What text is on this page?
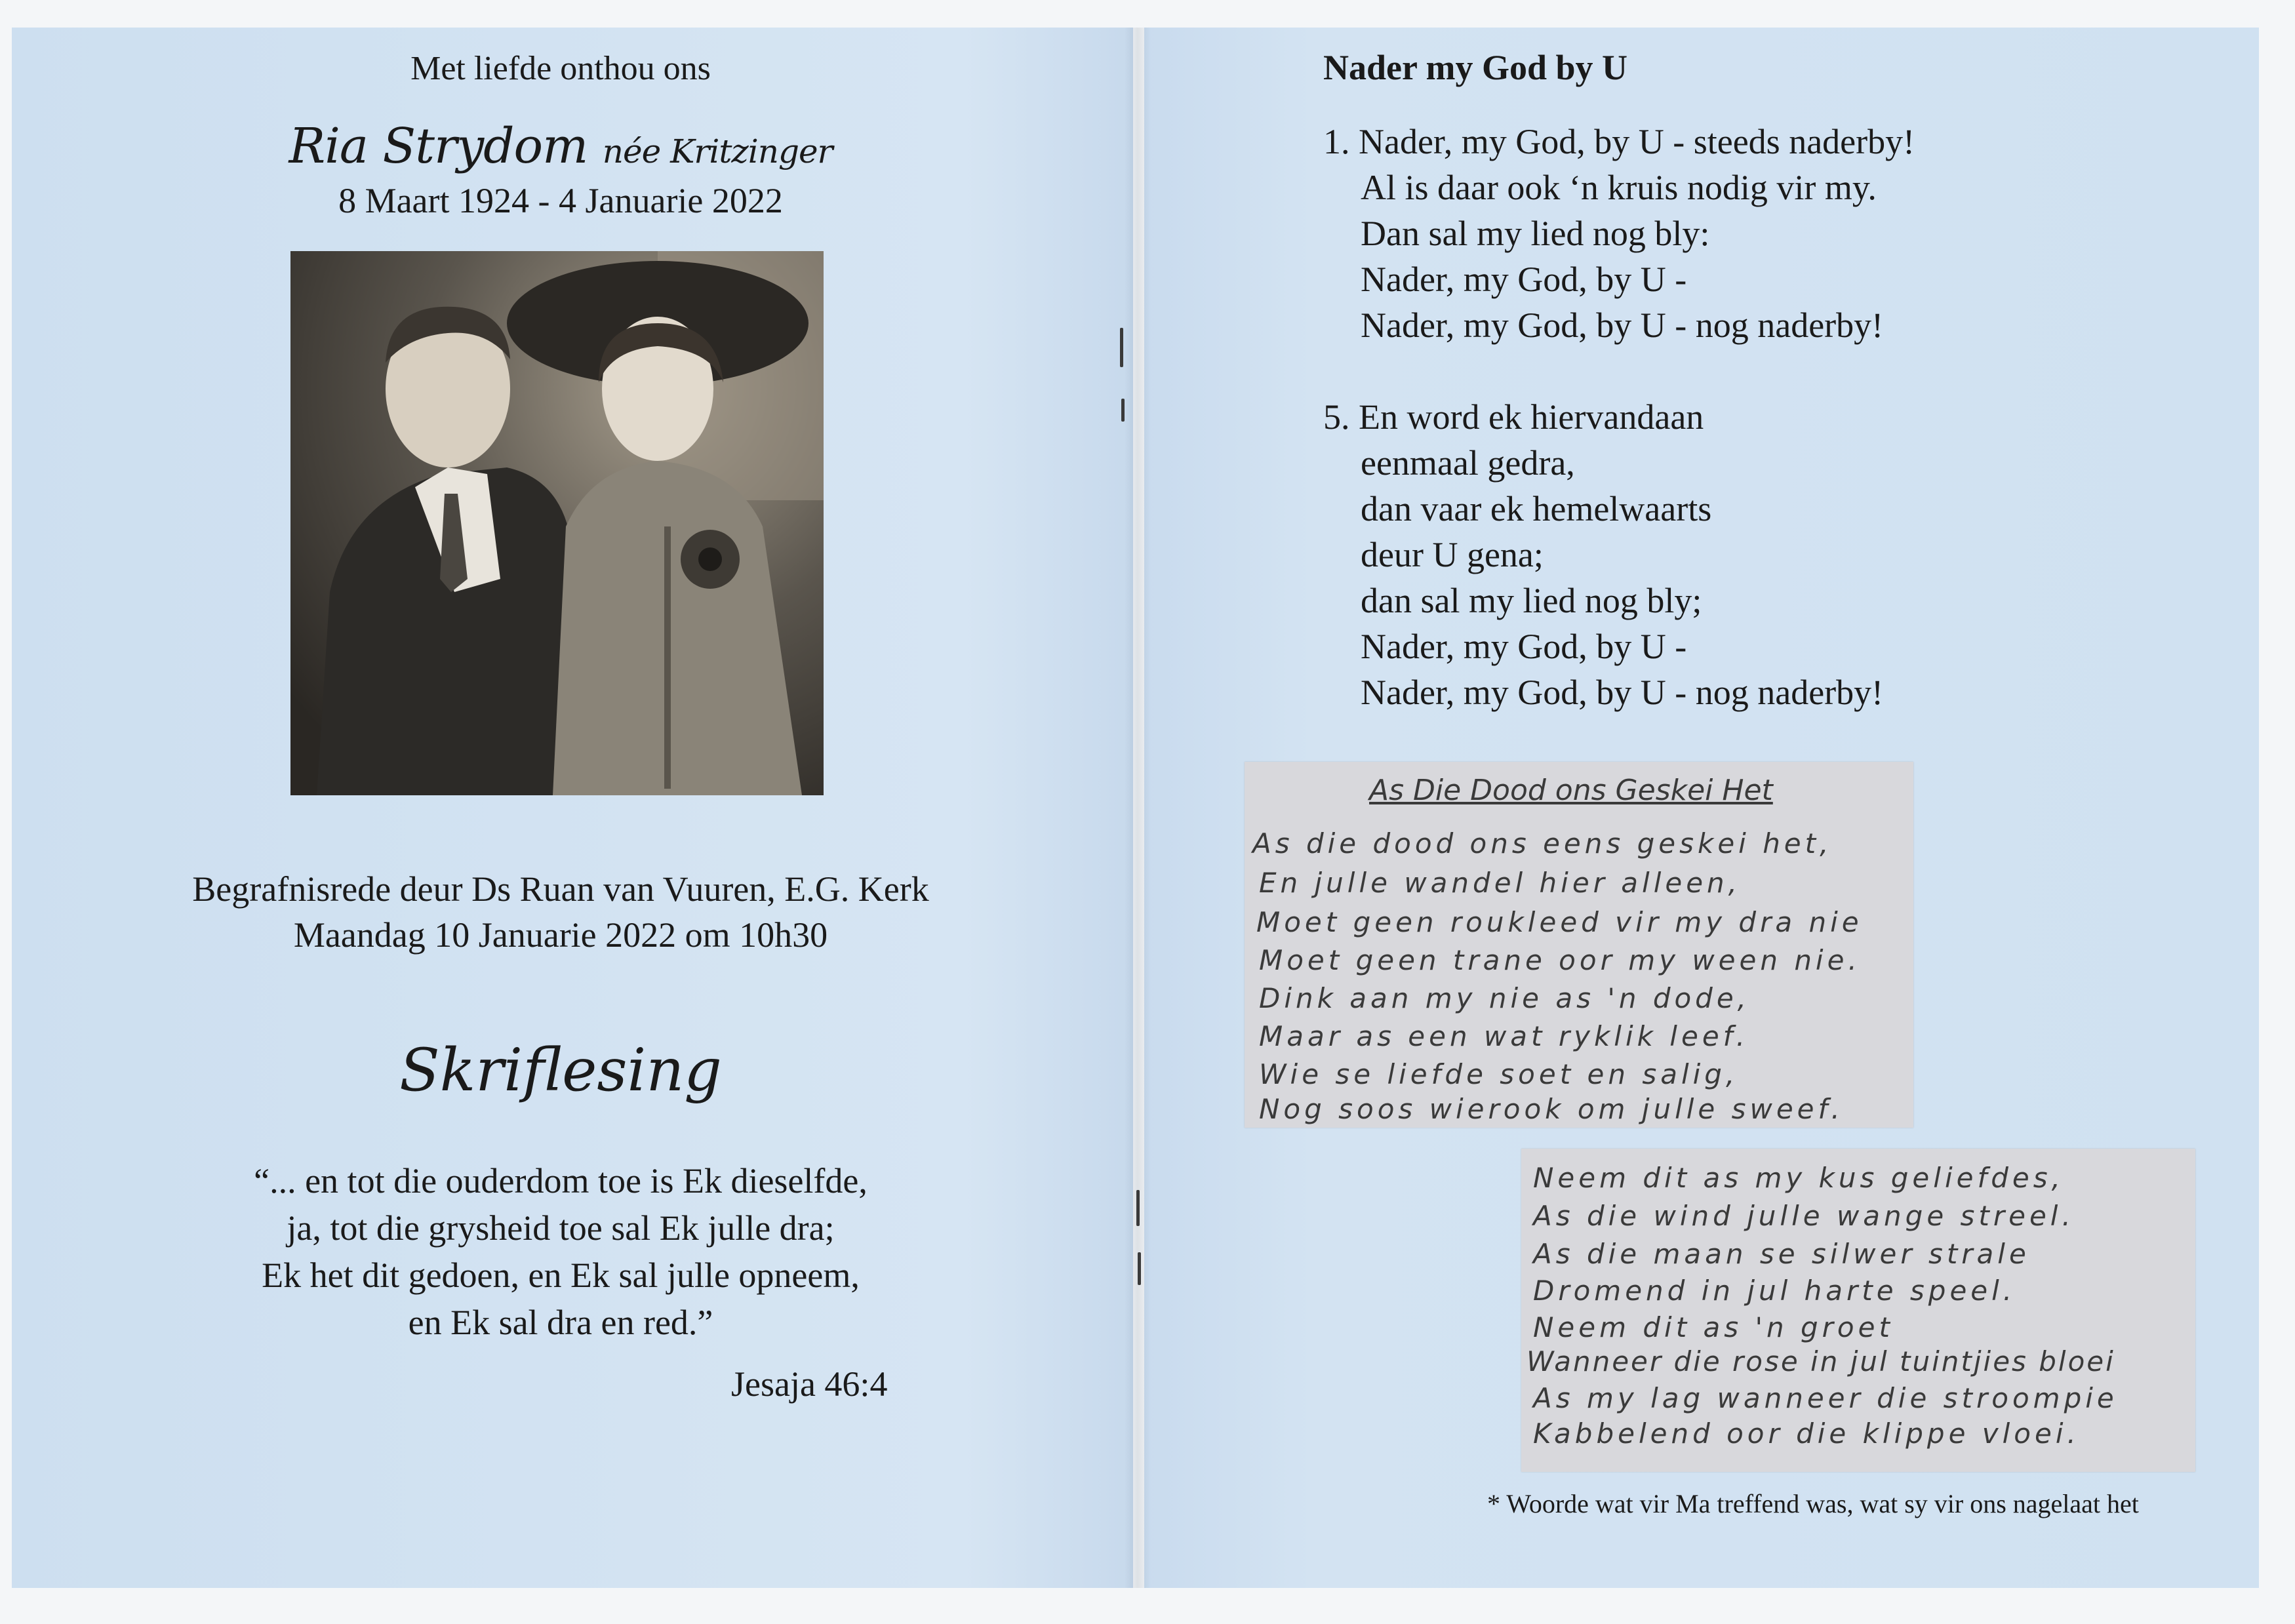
Met liefde onthou ons
Ria Strydom née Kritzinger
8 Maart 1924 - 4 Januarie 2022
Begrafnisrede deur Ds Ruan van Vuuren, E.G. Kerk
Maandag 10 Januarie 2022 om 10h30
Skriflesing
“... en tot die ouderdom toe is Ek dieselfde,
ja, tot die grysheid toe sal Ek julle dra;
Ek het dit gedoen, en Ek sal julle opneem,
en Ek sal dra en red.”
Jesaja 46:4
Nader my God by U
1. Nader, my God, by U - steeds naderby!
Al is daar ook ‘n kruis nodig vir my.
Dan sal my lied nog bly:
Nader, my God, by U -
Nader, my God, by U - nog naderby!
5. En word ek hiervandaan
eenmaal gedra,
dan vaar ek hemelwaarts
deur U gena;
dan sal my lied nog bly;
Nader, my God, by U -
Nader, my God, by U - nog naderby!
As Die Dood ons Geskei Het
As die dood ons eens geskei het,
En julle wandel hier alleen,
Moet geen rouklеed vir my dra nie
Moet geen trane oor my ween nie.
Dink aan my nie as 'n dode,
Maar as een wat ryklik leef.
Wie se liefde soet en salig,
Nog soos wierook om julle sweef.
Neem dit as my kus geliefdes,
As die wind julle wange streel.
As die maan se silwer strale
Dromend in jul harte speel.
Neem dit as 'n groet
Wanneer die rose in jul tuintjies bloei
As my lag wanneer die stroompie
Kabbelend oor die klippe vloei.
* Woorde wat vir Ma treffend was, wat sy vir ons nagelaat het
